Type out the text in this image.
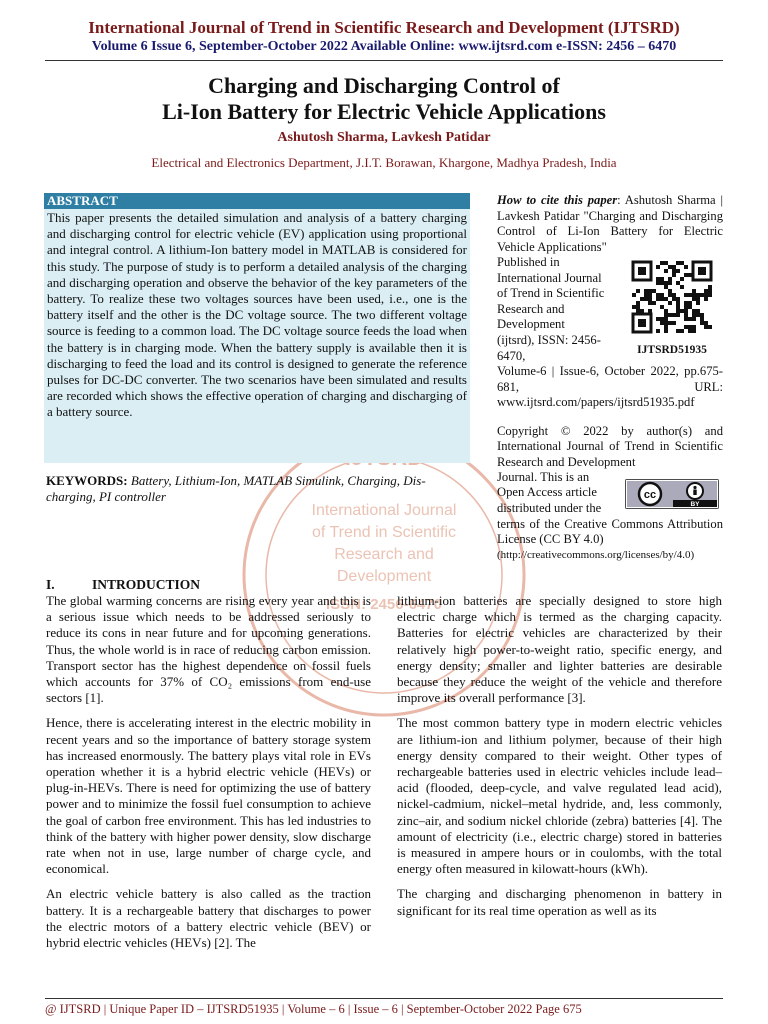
International Journal of Trend in Scientific Research and Development (IJTSRD)
Volume 6 Issue 6, September-October 2022 Available Online: www.ijtsrd.com e-ISSN: 2456 – 6470
Charging and Discharging Control of
Li-Ion Battery for Electric Vehicle Applications
Ashutosh Sharma, Lavkesh Patidar
Electrical and Electronics Department, J.I.T. Borawan, Khargone, Madhya Pradesh, India
International Journal
of Trend in Scientific
Research and
Development
ISSN: 2456-6470
ABSTRACT
This paper presents the detailed simulation and analysis of a battery charging and discharging control for electric vehicle (EV) application using proportional and integral control. A lithium-Ion battery model in MATLAB is considered for this study. The purpose of study is to perform a detailed analysis of the charging and discharging operation and observe the behavior of the key parameters of the battery. To realize these two voltages sources have been used, i.e., one is the battery itself and the other is the DC voltage source. The two different voltage source is feeding to a common load. The DC voltage source feeds the load when the battery is in charging mode. When the battery supply is available then it is discharging to feed the load and its control is designed to generate the reference pulses for DC-DC converter. The two scenarios have been simulated and results are recorded which shows the effective operation of charging and discharging of a battery source.
KEYWORDS: Battery, Lithium-Ion, MATLAB Simulink, Charging, Dis-charging, PI controller
How to cite this paper: Ashutosh Sharma | Lavkesh Patidar "Charging and Discharging Control of Li-Ion Battery for Electric Vehicle Applications"
Published in International Journal of Trend in Scientific Research and Development (ijtsrd), ISSN: 2456-6470,	IJTSRD51935
Volume-6 | Issue-6, October 2022, pp.675-681, URL: www.ijtsrd.com/papers/ijtsrd51935.pdf
Copyright © 2022 by author(s) and International Journal of Trend in Scientific Research and Development
Journal. This is an Open Access article distributed under the
cc
BY
terms of the Creative Commons Attribution License (CC BY 4.0)
(http://creativecommons.org/licenses/by/4.0)
I.	INTRODUCTION

The global warming concerns are rising every year and this is a serious issue which needs to be addressed seriously to reduce its cons in near future and for upcoming generations. Thus, the whole world is in race of reducing carbon emission. Transport sector has the highest dependence on fossil fuels which accounts for 37% of CO₂ emissions from end-use sectors [1].

Hence, there is accelerating interest in the electric mobility in recent years and so the importance of battery storage system has increased enormously. The battery plays vital role in EVs operation whether it is a hybrid electric vehicle (HEVs) or plug-in-HEVs. There is need for optimizing the use of battery power and to minimize the fossil fuel consumption to achieve the goal of carbon free environment. This has led industries to think of the battery with higher power density, slow discharge rate when not in use, large number of charge cycle, and economical.

An electric vehicle battery is also called as the traction battery. It is a rechargeable battery that discharges to power the electric motors of a battery electric vehicle (BEV) or hybrid electric vehicles (HEVs) [2]. The

lithium-ion batteries are specially designed to store high electric charge which is termed as the charging capacity. Batteries for electric vehicles are characterized by their relatively high power-to-weight ratio, specific energy, and energy density; smaller and lighter batteries are desirable because they reduce the weight of the vehicle and therefore improve its overall performance [3].

The most common battery type in modern electric vehicles are lithium-ion and lithium polymer, because of their high energy density compared to their weight. Other types of rechargeable batteries used in electric vehicles include lead–acid (flooded, deep-cycle, and valve regulated lead acid), nickel-cadmium, nickel–metal hydride, and, less commonly, zinc–air, and sodium nickel chloride (zebra) batteries [4]. The amount of electricity (i.e., electric charge) stored in batteries is measured in ampere hours or in coulombs, with the total energy often measured in kilowatt-hours (kWh).

The charging and discharging phenomenon in battery in significant for its real time operation as well as its

@ IJTSRD | Unique Paper ID – IJTSRD51935 | Volume – 6 | Issue – 6 | September-October 2022 Page 675
